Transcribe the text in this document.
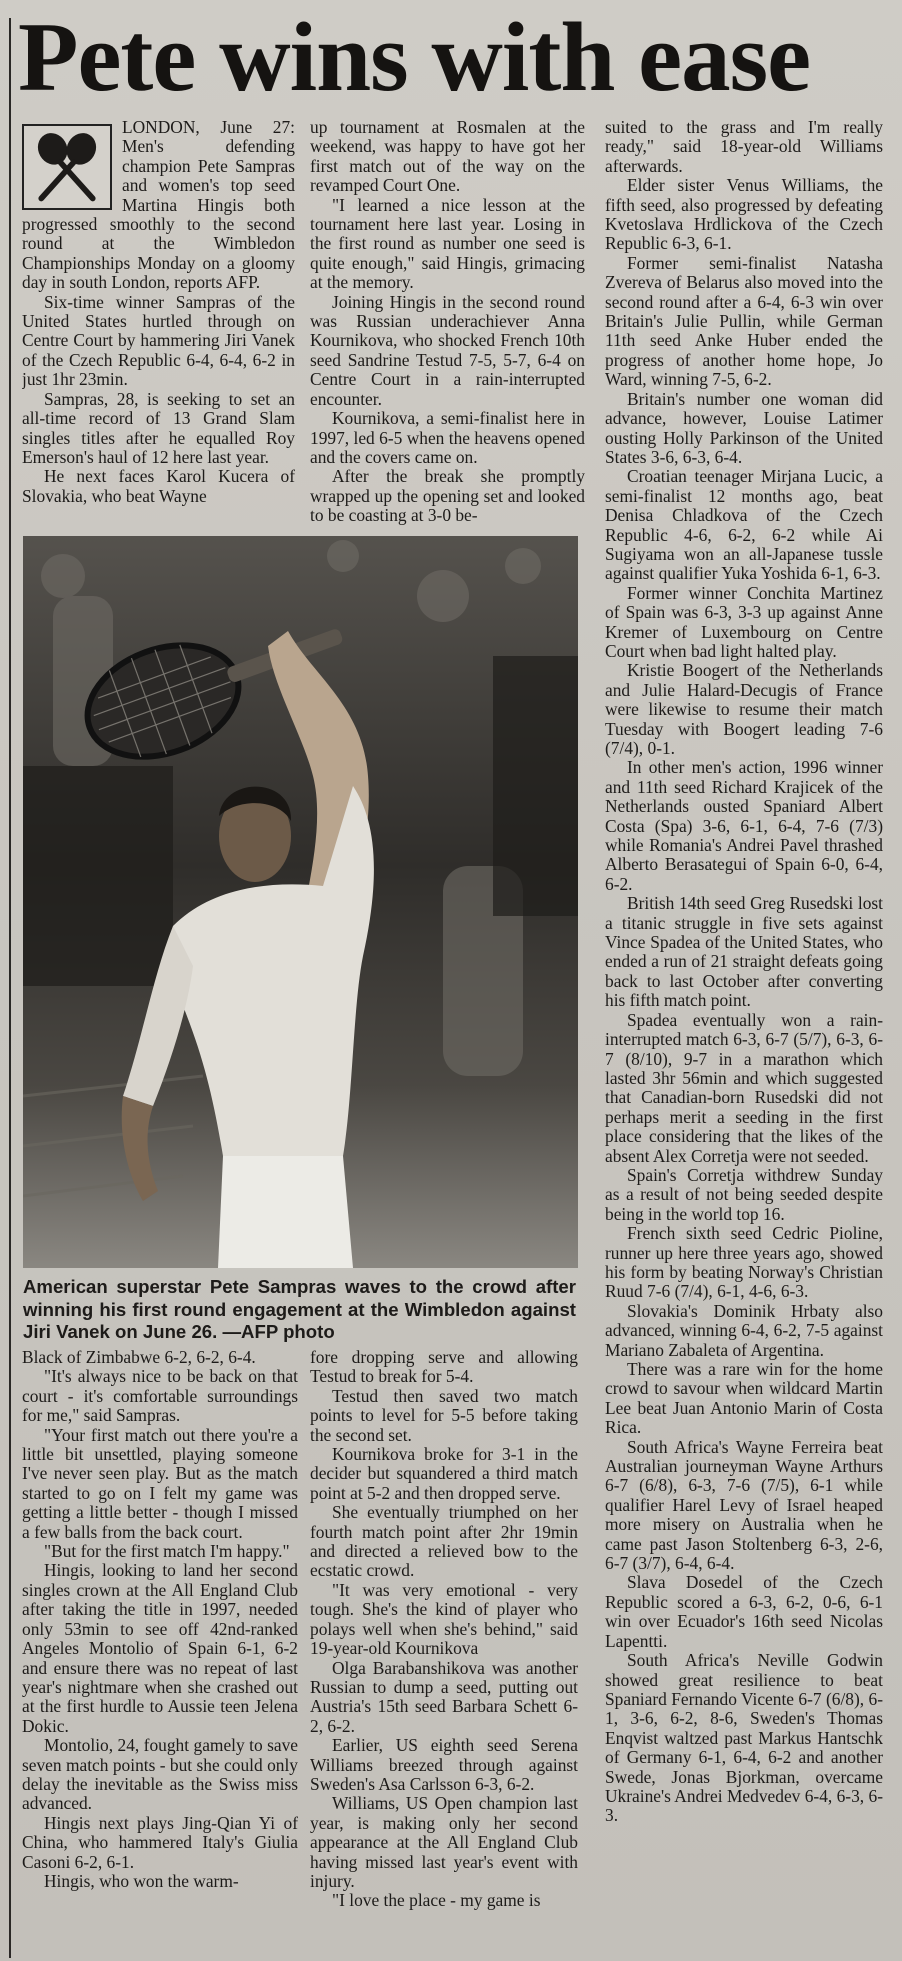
Pete wins with ease

LONDON, June 27: Men's defending champion Pete Sampras and women's top seed Martina Hingis both progressed smoothly to the second round at the Wimbledon Championships Monday on a gloomy day in south London, reports AFP.

Six-time winner Sampras of the United States hurtled through on Centre Court by hammering Jiri Vanek of the Czech Republic 6-4, 6-4, 6-2 in just 1hr 23min.

Sampras, 28, is seeking to set an all-time record of 13 Grand Slam singles titles after he equalled Roy Emerson's haul of 12 here last year.

He next faces Karol Kucera of Slovakia, who beat Wayne

up tournament at Rosmalen at the weekend, was happy to have got her first match out of the way on the revamped Court One.

"I learned a nice lesson at the tournament here last year. Losing in the first round as number one seed is quite enough," said Hingis, grimacing at the memory.

Joining Hingis in the second round was Russian underachiever Anna Kournikova, who shocked French 10th seed Sandrine Testud 7-5, 5-7, 6-4 on Centre Court in a rain-interrupted encounter.

Kournikova, a semi-finalist here in 1997, led 6-5 when the heavens opened and the covers came on.

After the break she promptly wrapped up the opening set and looked to be coasting at 3-0 be-

suited to the grass and I'm really ready," said 18-year-old Williams afterwards.

Elder sister Venus Williams, the fifth seed, also progressed by defeating Kvetoslava Hrdlickova of the Czech Republic 6-3, 6-1.

Former semi-finalist Natasha Zvereva of Belarus also moved into the second round after a 6-4, 6-3 win over Britain's Julie Pullin, while German 11th seed Anke Huber ended the progress of another home hope, Jo Ward, winning 7-5, 6-2.

Britain's number one woman did advance, however, Louise Latimer ousting Holly Parkinson of the United States 3-6, 6-3, 6-4.

Croatian teenager Mirjana Lucic, a semi-finalist 12 months ago, beat Denisa Chladkova of the Czech Republic 4-6, 6-2, 6-2 while Ai Sugiyama won an all-Japanese tussle against qualifier Yuka Yoshida 6-1, 6-3.

Former winner Conchita Martinez of Spain was 6-3, 3-3 up against Anne Kremer of Luxembourg on Centre Court when bad light halted play.

Kristie Boogert of the Netherlands and Julie Halard-Decugis of France were likewise to resume their match Tuesday with Boogert leading 7-6 (7/4), 0-1.

In other men's action, 1996 winner and 11th seed Richard Krajicek of the Netherlands ousted Spaniard Albert Costa (Spa) 3-6, 6-1, 6-4, 7-6 (7/3) while Romania's Andrei Pavel thrashed Alberto Berasategui of Spain 6-0, 6-4, 6-2.

British 14th seed Greg Rusedski lost a titanic struggle in five sets against Vince Spadea of the United States, who ended a run of 21 straight defeats going back to last October after converting his fifth match point.

Spadea eventually won a rain-interrupted match 6-3, 6-7 (5/7), 6-3, 6-7 (8/10), 9-7 in a marathon which lasted 3hr 56min and which suggested that Canadian-born Rusedski did not perhaps merit a seeding in the first place considering that the likes of the absent Alex Corretja were not seeded.

Spain's Corretja withdrew Sunday as a result of not being seeded despite being in the world top 16.

French sixth seed Cedric Pioline, runner up here three years ago, showed his form by beating Norway's Christian Ruud 7-6 (7/4), 6-1, 4-6, 6-3.

Slovakia's Dominik Hrbaty also advanced, winning 6-4, 6-2, 7-5 against Mariano Zabaleta of Argentina.

There was a rare win for the home crowd to savour when wildcard Martin Lee beat Juan Antonio Marin of Costa Rica.

South Africa's Wayne Ferreira beat Australian journeyman Wayne Arthurs 6-7 (6/8), 6-3, 7-6 (7/5), 6-1 while qualifier Harel Levy of Israel heaped more misery on Australia when he came past Jason Stoltenberg 6-3, 2-6, 6-7 (3/7), 6-4, 6-4.

Slava Dosedel of the Czech Republic scored a 6-3, 6-2, 0-6, 6-1 win over Ecuador's 16th seed Nicolas Lapentti.

South Africa's Neville Godwin showed great resilience to beat Spaniard Fernando Vicente 6-7 (6/8), 6-1, 3-6, 6-2, 8-6, Sweden's Thomas Enqvist waltzed past Markus Hantschk of Germany 6-1, 6-4, 6-2 and another Swede, Jonas Bjorkman, overcame Ukraine's Andrei Medvedev 6-4, 6-3, 6-3.

American superstar Pete Sampras waves to the crowd after winning his first round engagement at the Wimbledon against Jiri Vanek on June 26. —AFP photo

Black of Zimbabwe 6-2, 6-2, 6-4.

"It's always nice to be back on that court - it's comfortable surroundings for me," said Sampras.

"Your first match out there you're a little bit unsettled, playing someone I've never seen play. But as the match started to go on I felt my game was getting a little better - though I missed a few balls from the back court.

"But for the first match I'm happy."

Hingis, looking to land her second singles crown at the All England Club after taking the title in 1997, needed only 53min to see off 42nd-ranked Angeles Montolio of Spain 6-1, 6-2 and ensure there was no repeat of last year's nightmare when she crashed out at the first hurdle to Aussie teen Jelena Dokic.

Montolio, 24, fought gamely to save seven match points - but she could only delay the inevitable as the Swiss miss advanced.

Hingis next plays Jing-Qian Yi of China, who hammered Italy's Giulia Casoni 6-2, 6-1.

Hingis, who won the warm-

fore dropping serve and allowing Testud to break for 5-4.

Testud then saved two match points to level for 5-5 before taking the second set.

Kournikova broke for 3-1 in the decider but squandered a third match point at 5-2 and then dropped serve.

She eventually triumphed on her fourth match point after 2hr 19min and directed a relieved bow to the ecstatic crowd.

"It was very emotional - very tough. She's the kind of player who polays well when she's behind," said 19-year-old Kournikova

Olga Barabanshikova was another Russian to dump a seed, putting out Austria's 15th seed Barbara Schett 6-2, 6-2.

Earlier, US eighth seed Serena Williams breezed through against Sweden's Asa Carlsson 6-3, 6-2.

Williams, US Open champion last year, is making only her second appearance at the All England Club having missed last year's event with injury.

"I love the place - my game is
